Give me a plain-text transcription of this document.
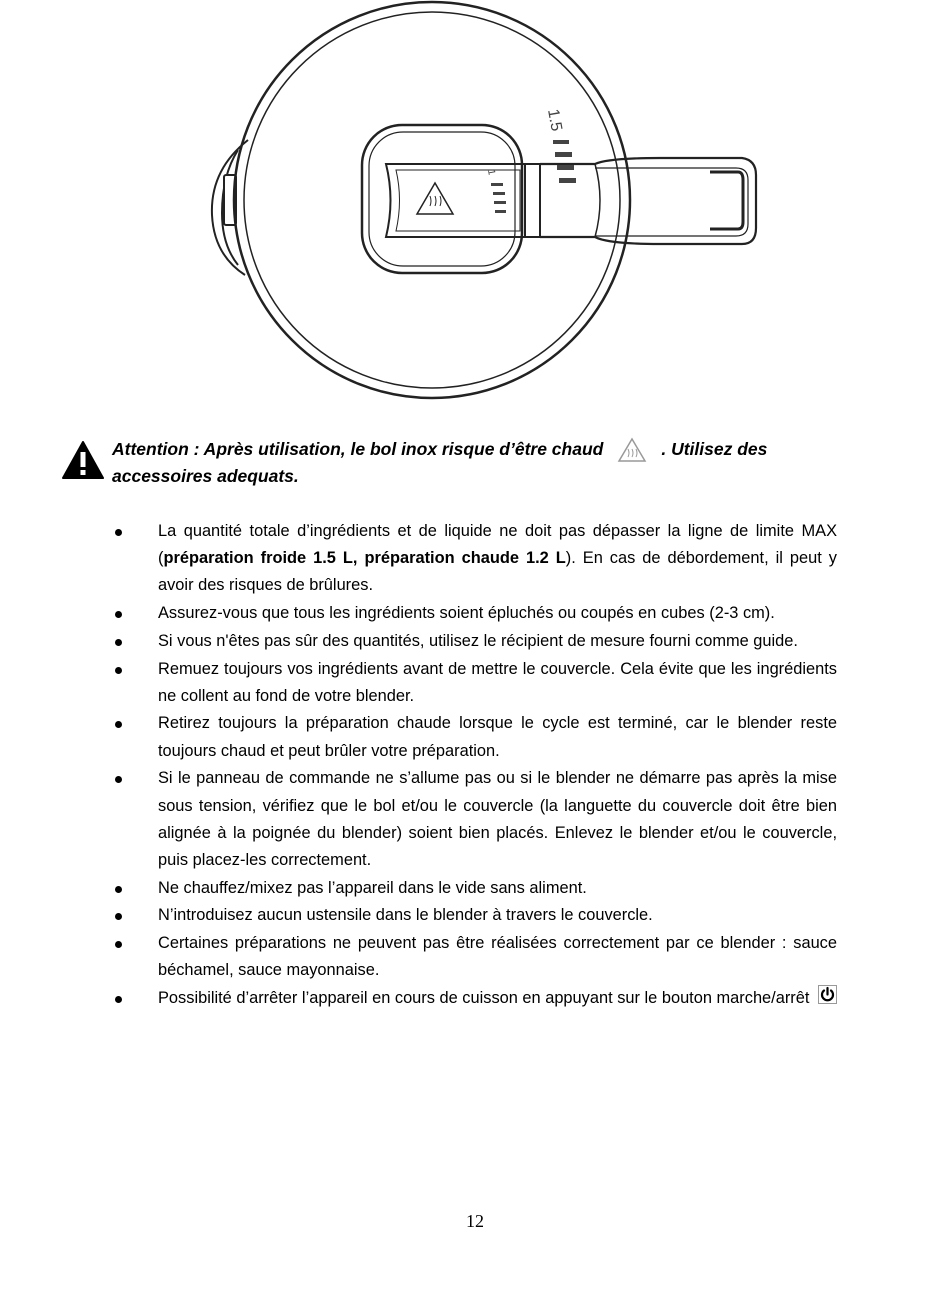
1.5
1
Attention : Après utilisation, le bol inox risque d’être chaud	. Utilisez des
accessoires adequats.
La quantité totale d’ingrédients et de liquide ne doit pas dépasser la ligne de limite MAX (préparation froide 1.5 L, préparation chaude 1.2 L). En cas de débordement, il peut y avoir des risques de brûlures.
Assurez-vous que tous les ingrédients soient épluchés ou coupés en cubes (2-3 cm).
Si vous n'êtes pas sûr des quantités, utilisez le récipient de mesure fourni comme guide.
Remuez toujours vos ingrédients avant de mettre le couvercle. Cela évite que les ingrédients ne collent au fond de votre blender.
Retirez toujours la préparation chaude lorsque le cycle est terminé, car le blender reste toujours chaud et peut brûler votre préparation.
Si le panneau de commande ne s’allume pas ou si le blender ne démarre pas après la mise sous tension, vérifiez que le bol et/ou le couvercle (la languette du couvercle doit être bien alignée à la poignée du blender) soient bien placés. Enlevez le blender et/ou le couvercle, puis placez-les correctement.
Ne chauffez/mixez pas l’appareil dans le vide sans aliment.
N’introduisez aucun ustensile dans le blender à travers le couvercle.
Certaines préparations ne peuvent pas être réalisées correctement par ce blender : sauce béchamel, sauce mayonnaise.
Possibilité d’arrêter l’appareil en cours de cuisson en appuyant sur le bouton marche/arrêt
12
